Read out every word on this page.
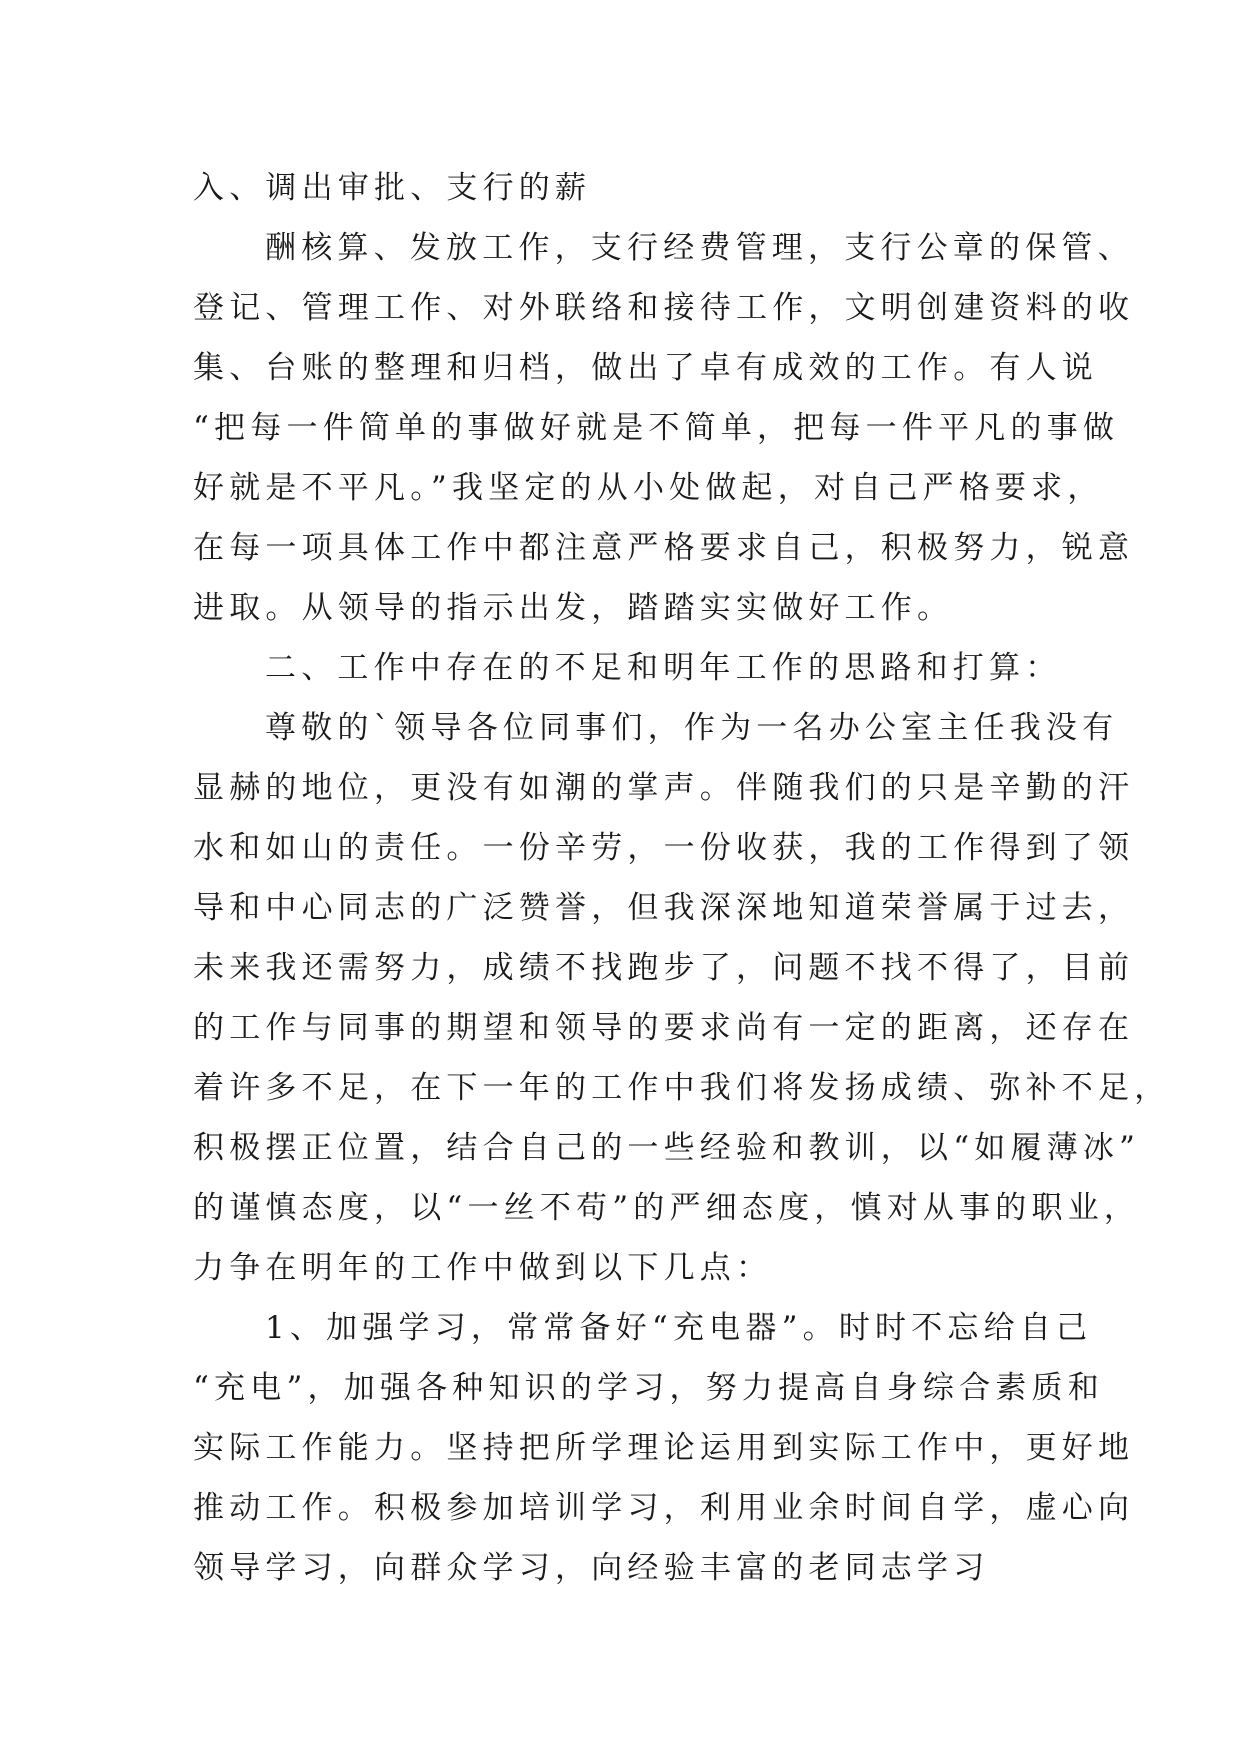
入、调出审批、支行的薪
酬核算、发放工作，支行经费管理，支行公章的保管、
登记、管理工作、对外联络和接待工作，文明创建资料的收
集、台账的整理和归档，做出了卓有成效的工作。有人说
“把每一件简单的事做好就是不简单，把每一件平凡的事做
好就是不平凡。”我坚定的从小处做起，对自己严格要求，
在每一项具体工作中都注意严格要求自己，积极努力，锐意
进取。从领导的指示出发，踏踏实实做好工作。
二、工作中存在的不足和明年工作的思路和打算：
尊敬的`领导各位同事们，作为一名办公室主任我没有
显赫的地位，更没有如潮的掌声。伴随我们的只是辛勤的汗
水和如山的责任。一份辛劳，一份收获，我的工作得到了领
导和中心同志的广泛赞誉，但我深深地知道荣誉属于过去，
未来我还需努力，成绩不找跑步了，问题不找不得了，目前
的工作与同事的期望和领导的要求尚有一定的距离，还存在
着许多不足，在下一年的工作中我们将发扬成绩、弥补不足，
积极摆正位置，结合自己的一些经验和教训，以“如履薄冰”
的谨慎态度，以“一丝不苟”的严细态度，慎对从事的职业，
力争在明年的工作中做到以下几点：
1、加强学习，常常备好“充电器”。时时不忘给自己
“充电”，加强各种知识的学习，努力提高自身综合素质和
实际工作能力。坚持把所学理论运用到实际工作中，更好地
推动工作。积极参加培训学习，利用业余时间自学，虚心向
领导学习，向群众学习，向经验丰富的老同志学习
